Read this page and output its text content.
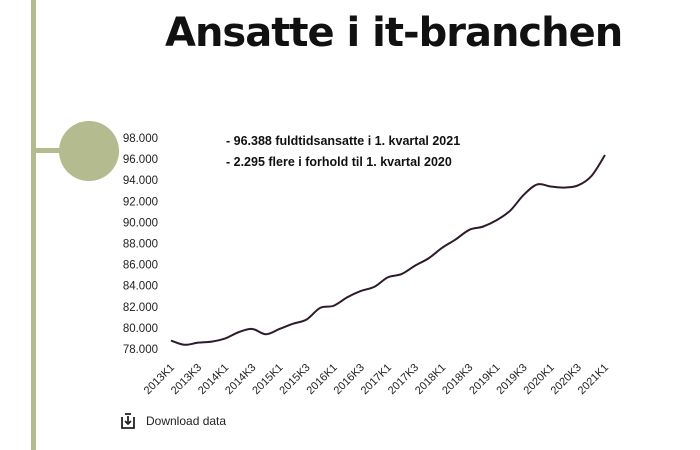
Ansatte i it-branchen
78.000
80.000
82.000
84.000
86.000
88.000
90.000
92.000
94.000
96.000
98.000
2013K1
2013K3
2014K1
2014K3
2015K1
2015K3
2016K1
2016K3
2017K1
2017K3
2018K1
2018K3
2019K1
2019K3
2020K1
2020K3
2021K1
- 96.388 fuldtidsansatte i 1. kvartal 2021
- 2.295 flere i forhold til 1. kvartal 2020
Download data
